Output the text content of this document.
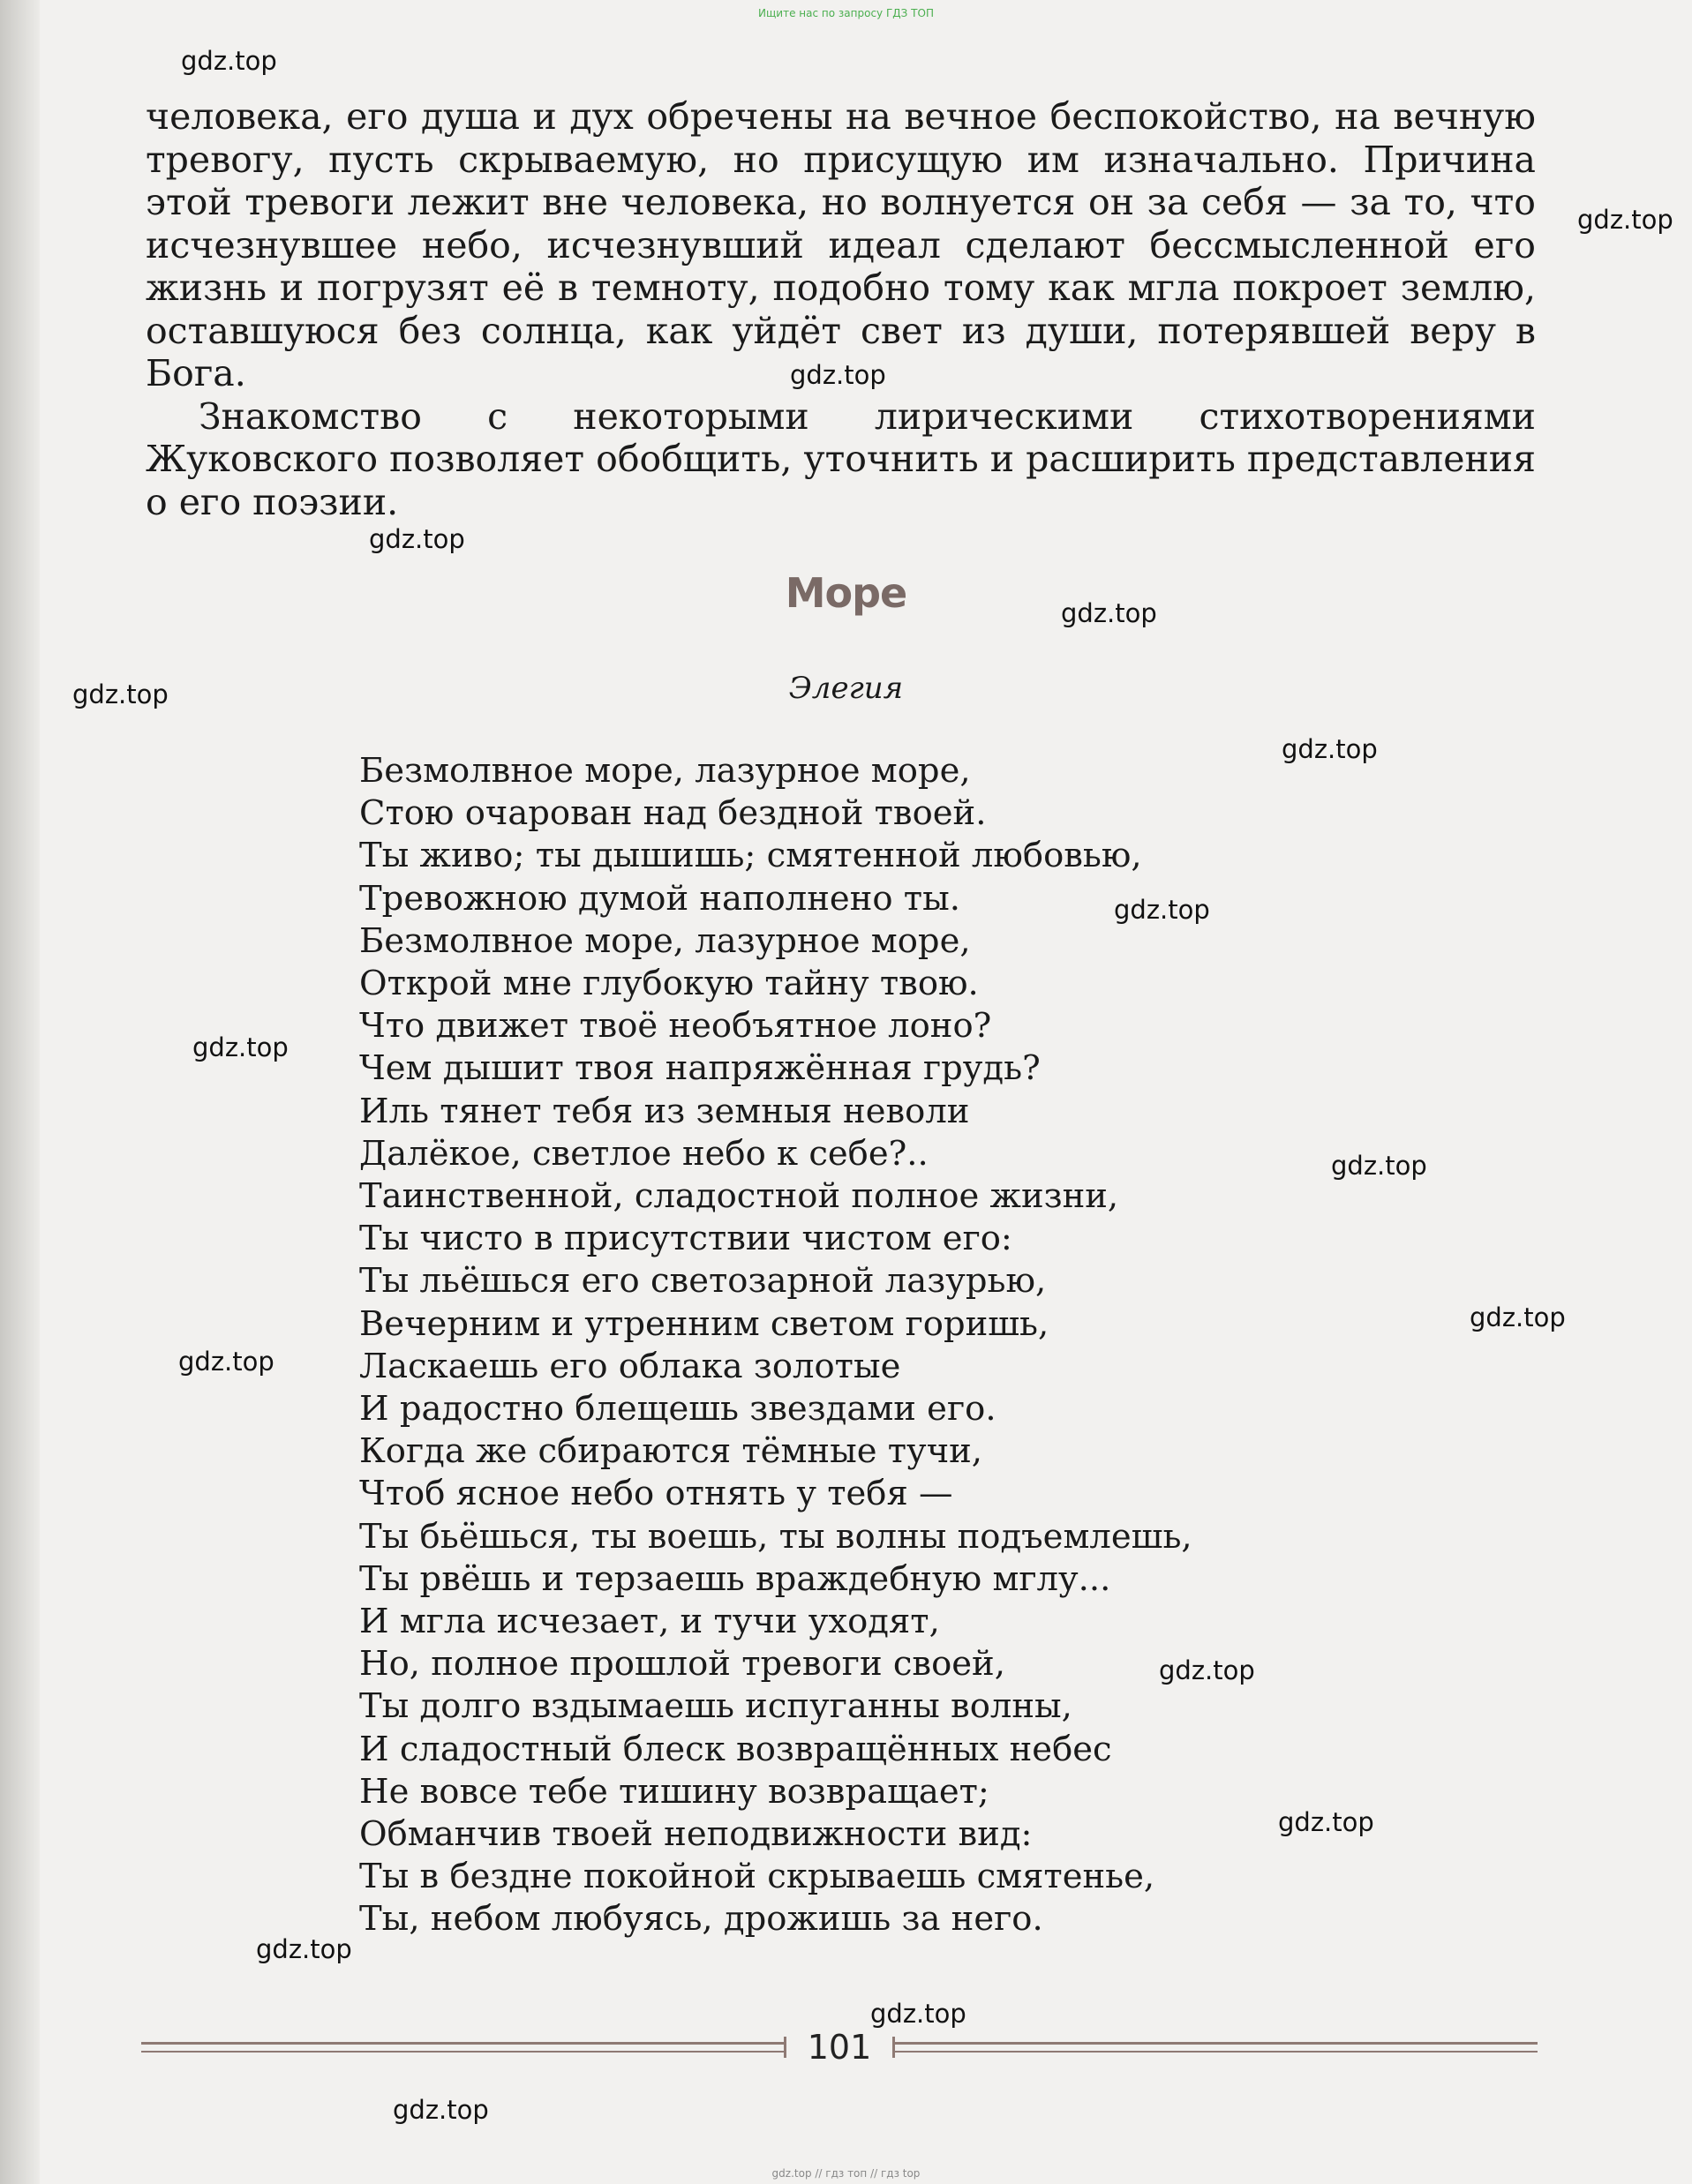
Ищите нас по запросу ГДЗ ТОП

человека, его душа и дух обречены на вечное беспокойство, на вечную тревогу, пусть скрываемую, но присущую им изначально. Причина этой тревоги лежит вне человека, но волнуется он за себя — за то, что исчезнувшее небо, исчезнувший идеал сделают бессмысленной его жизнь и погрузят её в темноту, подобно тому как мгла покроет землю, оставшуюся без солнца, как уйдёт свет из души, потерявшей веру в Бога.

Знакомство с некоторыми лирическими стихотворениями Жуковского позволяет обобщить, уточнить и расширить представления о его поэзии.

Море
Элегия
Безмолвное море, лазурное море,
Стою очарован над бездной твоей.
Ты живо; ты дышишь; смятенной любовью,
Тревожною думой наполнено ты.
Безмолвное море, лазурное море,
Открой мне глубокую тайну твою.
Что движет твоё необъятное лоно?
Чем дышит твоя напряжённая грудь?
Иль тянет тебя из земныя неволи
Далёкое, светлое небо к себе?..
Таинственной, сладостной полное жизни,
Ты чисто в присутствии чистом его:
Ты льёшься его светозарной лазурью,
Вечерним и утренним светом горишь,
Ласкаешь его облака золотые
И радостно блещешь звездами его.
Когда же сбираются тёмные тучи,
Чтоб ясное небо отнять у тебя —
Ты бьёшься, ты воешь, ты волны подъемлешь,
Ты рвёшь и терзаешь враждебную мглу...
И мгла исчезает, и тучи уходят,
Но, полное прошлой тревоги своей,
Ты долго вздымаешь испуганны волны,
И сладостный блеск возвращённых небес
Не вовсе тебе тишину возвращает;
Обманчив твоей неподвижности вид:
Ты в бездне покойной скрываешь смятенье,
Ты, небом любуясь, дрожишь за него.
101
gdz.top // гдз топ // гдз top
gdz.top
gdz.top
gdz.top
gdz.top
gdz.top
gdz.top
gdz.top
gdz.top
gdz.top
gdz.top
gdz.top
gdz.top
gdz.top
gdz.top
gdz.top
gdz.top
gdz.top
